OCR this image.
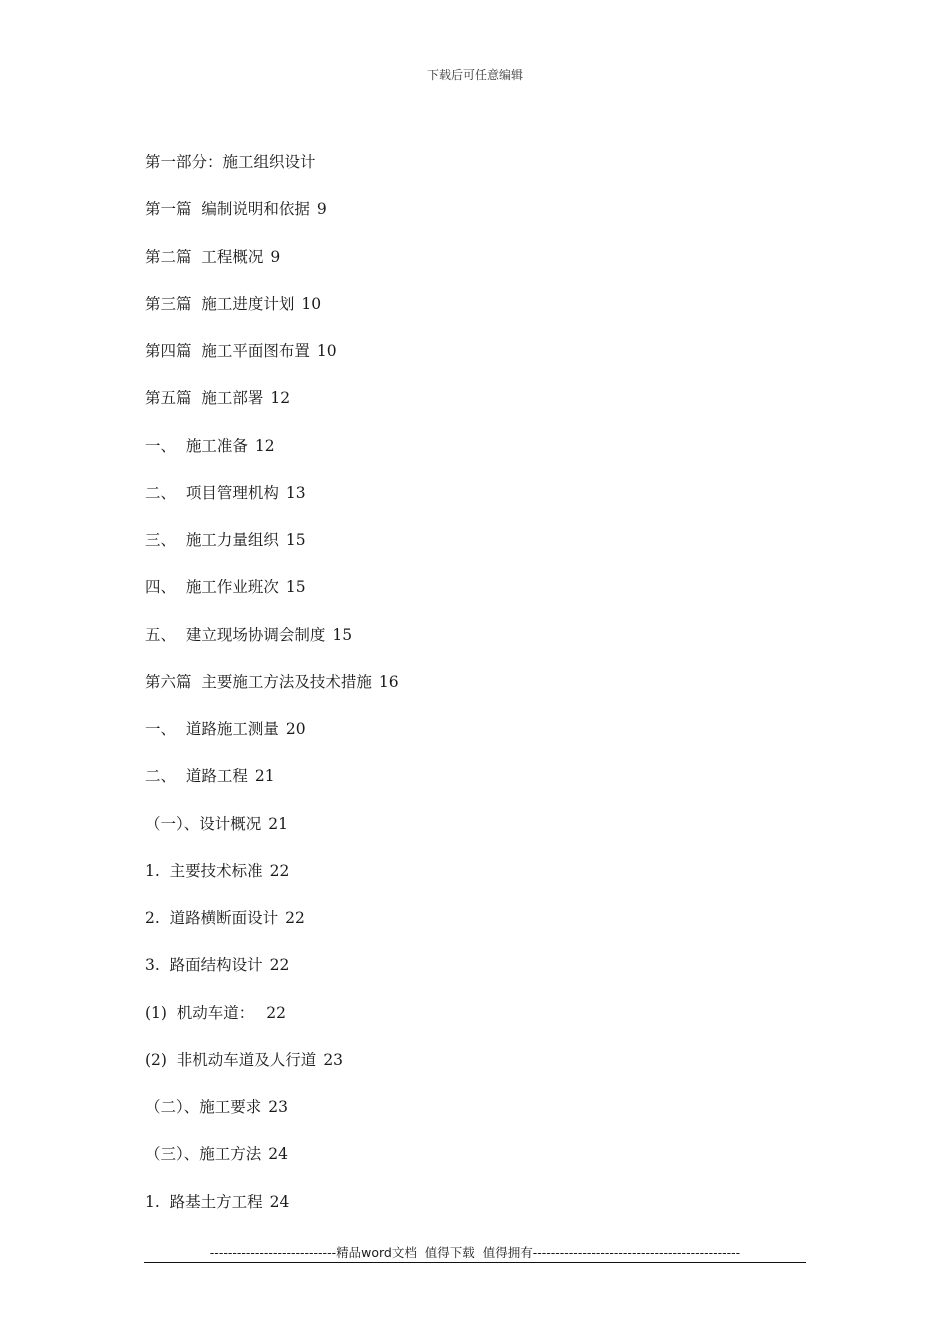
下载后可任意编辑
第一部分：施工组织设计
第一篇  编制说明和依据 9
第二篇  工程概况 9
第三篇  施工进度计划 10
第四篇  施工平面图布置 10
第五篇  施工部署 12
一、  施工准备 12
二、  项目管理机构 13
三、  施工力量组织 15
四、  施工作业班次 15
五、  建立现场协调会制度 15
第六篇  主要施工方法及技术措施 16
一、  道路施工测量 20
二、  道路工程 21
（一）、设计概况 21
1.  主要技术标准 22
2.  道路横断面设计 22
3.  路面结构设计 22
(1)  机动车道： 22
(2)  非机动车道及人行道 23
（二）、施工要求 23
（三）、施工方法 24
1.  路基土方工程 24
----------------------------精品word文档  值得下载  值得拥有----------------------------------------------
